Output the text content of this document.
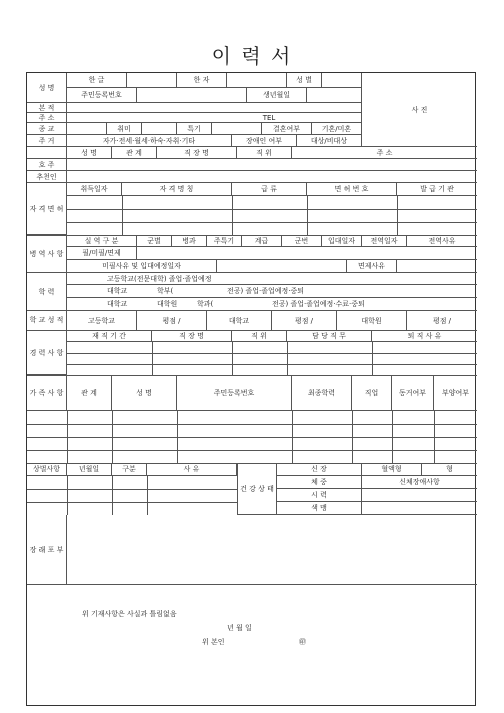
이 력 서
성 명
한 글	한 자	성 별
주민등록번호	생년월일
본 적
주 소	TEL
종 교	취미	특기	결혼여부	기혼/미혼
주 거	자가·전세·월세·하숙·자취·기타	장애인 여부	대상/비대상
사 진
성 명	관 계	직 장 명	직 위	주 소
호 주
추천인
자 격 면 허
취득일자	자 격 명 칭	급 류	면 허 번 호	발 급 기 관
병 역 사 항
실 역 구 분	군별	병과	주특기	계급	군번	입대일자	전역일자	전역사유
필/미필/면제
미필사유 및 입대예정일자	면제사유
학 력
고등학교(전문대학) 졸업·졸업예정
대학교	학부(	전공) 졸업·졸업예정·중퇴
대학교	대학원	학과(	전공) 졸업·졸업예정·수료·중퇴
학 교 성 적	고등학교	평점 /	대학교	평점 /	대학원	평점 /
경 력 사 항
재 직 기 간	직 장 명	직 위	담 당 직 무	퇴 직 사 유
가 족 사 항	관 계	성 명	주민등록번호	최종학력	직업	동거여부	부양여부
상벌사항	년월일	구분	사 유
건 강 상 태
신 장	혈액형	형
체 중	신체장애사항
시 력
색 맹
장 래 포 부
위 기재사항은 사실과 틀림없음
년 월 일
위 본인	㊞
